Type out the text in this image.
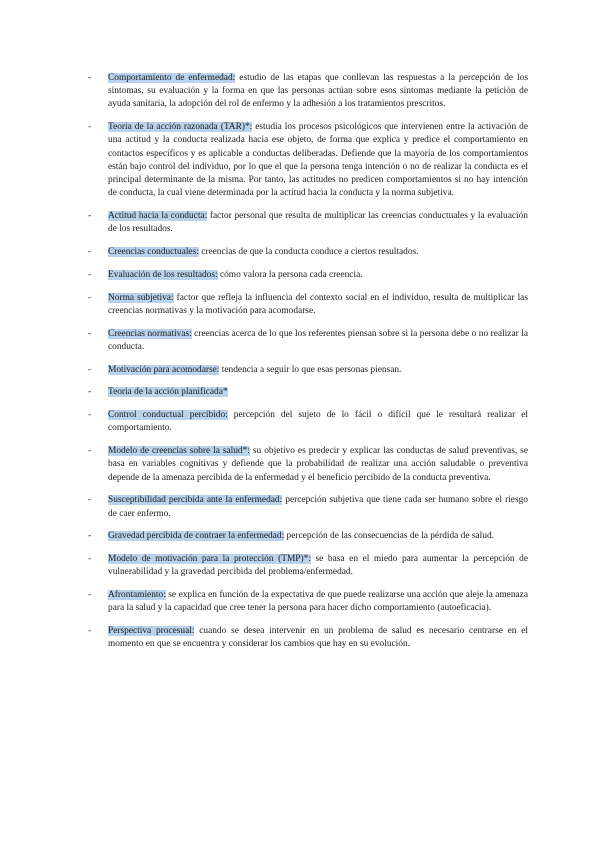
- Comportamiento de enfermedad: estudio de las etapas que conllevan las respuestas a la percepción de los síntomas, su evaluación y la forma en que las personas actúan sobre esos síntomas mediante la petición de ayuda sanitaria, la adopción del rol de enfermo y la adhesión a los tratamientos prescritos.
- Teoría de la acción razonada (TAR)*: estudia los procesos psicológicos que intervienen entre la activación de una actitud y la conducta realizada hacia ese objeto, de forma que explica y predice el comportamiento en contactos específicos y es aplicable a conductas deliberadas. Defiende que la mayoría de los comportamientos están bajo control del individuo, por lo que el que la persona tenga intención o no de realizar la conducta es el principal determinante de la misma. Por tanto, las actitudes no predicen comportamientos si no hay intención de conducta, la cual viene determinada por la actitud hacia la conducta y la norma subjetiva.
- Actitud hacia la conducta: factor personal que resulta de multiplicar las creencias conductuales y la evaluación de los resultados.
- Creencias conductuales: creencias de que la conducta conduce a ciertos resultados.
- Evaluación de los resultados: cómo valora la persona cada creencia.
- Norma subjetiva: factor que refleja la influencia del contexto social en el individuo, resulta de multiplicar las creencias normativas y la motivación para acomodarse.
- Creencias normativas: creencias acerca de lo que los referentes piensan sobre si la persona debe o no realizar la conducta.
- Motivación para acomodarse: tendencia a seguir lo que esas personas piensan.
- Teoría de la acción planificada*
- Control conductual percibido: percepción del sujeto de lo fácil o difícil que le resultará realizar el comportamiento.
- Modelo de creencias sobre la salud*: su objetivo es predecir y explicar las conductas de salud preventivas, se basa en variables cognitivas y defiende que la probabilidad de realizar una acción saludable o preventiva depende de la amenaza percibida de la enfermedad y el beneficio percibido de la conducta preventiva.
- Susceptibilidad percibida ante la enfermedad: percepción subjetiva que tiene cada ser humano sobre el riesgo de caer enfermo.
- Gravedad percibida de contraer la enfermedad: percepción de las consecuencias de la pérdida de salud.
- Modelo de motivación para la protección (TMP)*: se basa en el miedo para aumentar la percepción de vulnerabilidad y la gravedad percibida del problema/enfermedad.
- Afrontamiento: se explica en función de la expectativa de que puede realizarse una acción que aleje la amenaza para la salud y la capacidad que cree tener la persona para hacer dicho comportamiento (autoeficacia).
- Perspectiva procesual: cuando se desea intervenir en un problema de salud es necesario centrarse en el momento en que se encuentra y considerar los cambios que hay en su evolución.
